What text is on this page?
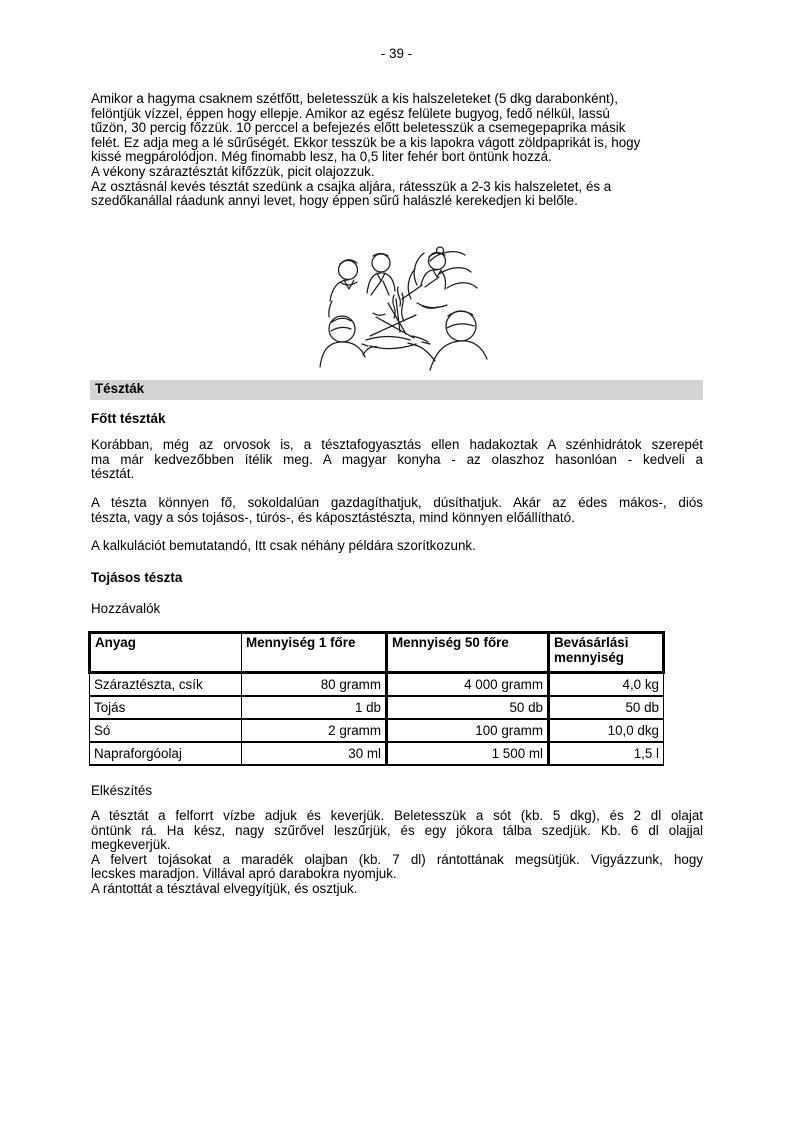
- 39 -
Amikor a hagyma csaknem szétfőtt, beletesszük a kis halszeleteket (5 dkg darabonként),
felöntjük vízzel, éppen hogy ellepje. Amikor az egész felülete bugyog, fedő nélkül, lassú
tűzön, 30 percig főzzük. 10 perccel a befejezés előtt beletesszük a csemegepaprika másik
felét. Ez adja meg a lé sűrűségét. Ekkor tesszük be a kis lapokra vágott zöldpaprikát is, hogy
kissé megpárolódjon. Még finomabb lesz, ha 0,5 liter fehér bort öntünk hozzá.
A vékony száraztésztát kifőzzük, picit olajozzuk.
Az osztásnál kevés tésztát szedünk a csajka aljára, rátesszük a 2-3 kis halszeletet, és a
szedőkanállal ráadunk annyi levet, hogy éppen sűrű halászlé kerekedjen ki belőle.
Tészták
Főtt tészták
Korábban, még az orvosok is, a tésztafogyasztás ellen hadakoztak A szénhidrátok szerepét
ma már kedvezőbben ítélik meg. A magyar konyha - az olaszhoz hasonlóan - kedveli a
tésztát.
A tészta könnyen fő, sokoldalúan gazdagíthatjuk, dúsíthatjuk. Akár az édes mákos-, diós
tészta, vagy a sós tojásos-, túrós-, és káposztástészta, mind könnyen előállítható.
A kalkulációt bemutatandó, Itt csak néhány példára szorítkozunk.
Tojásos tészta
Hozzávalók
Anyag	Mennyiség 1 főre	Mennyiség 50 főre	Bevásárlási mennyiség
Száraztészta, csík	80 gramm	4 000 gramm	4,0 kg
Tojás	1 db	50 db	50 db
Só	2 gramm	100 gramm	10,0 dkg
Napraforgóolaj	30 ml	1 500 ml	1,5 l
Elkészítés
A tésztát a felforrt vízbe adjuk és keverjük. Beletesszük a sót (kb. 5 dkg), és 2 dl olajat
öntünk rá. Ha kész, nagy szűrővel leszűrjük, és egy jókora tálba szedjük. Kb. 6 dl olajjal
megkeverjük.
A felvert tojásokat a maradék olajban (kb. 7 dl) rántottának megsütjük. Vigyázzunk, hogy
lecskes maradjon. Villával apró darabokra nyomjuk.
A rántottát a tésztával elvegyítjük, és osztjuk.
